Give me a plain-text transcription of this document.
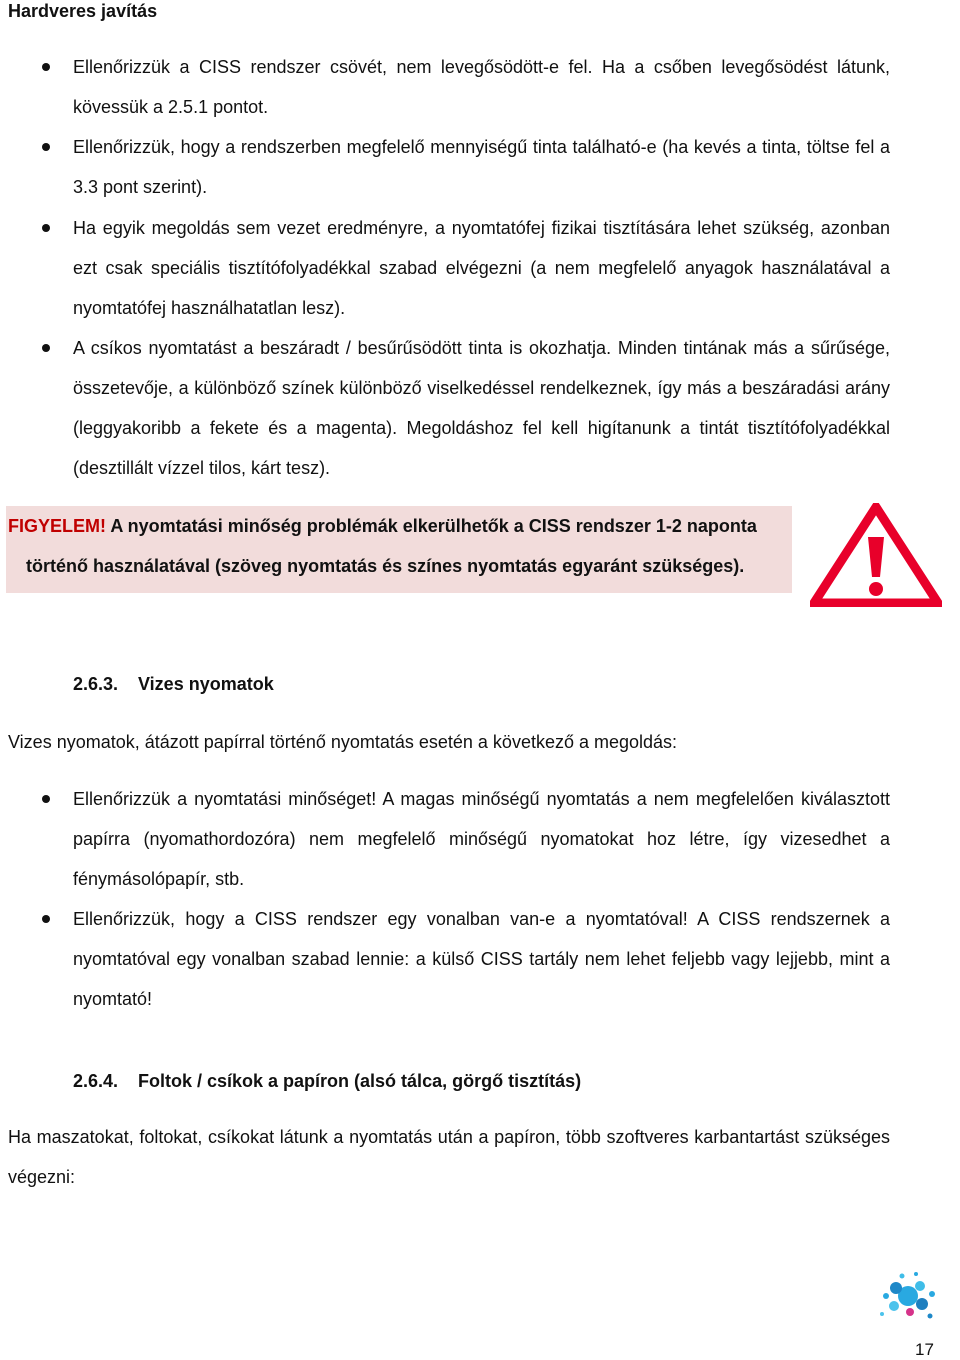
Hardveres javítás
Ellenőrizzük a CISS rendszer csövét, nem levegősödött-e fel. Ha a csőben levegősödést látunk, kövessük a 2.5.1 pontot.
Ellenőrizzük, hogy a rendszerben megfelelő mennyiségű tinta található-e (ha kevés a tinta, töltse fel a 3.3 pont szerint).
Ha egyik megoldás sem vezet eredményre, a nyomtatófej fizikai tisztítására lehet szükség, azonban ezt csak speciális tisztítófolyadékkal szabad elvégezni (a nem megfelelő anyagok használatával a nyomtatófej használhatatlan lesz).
A csíkos nyomtatást a beszáradt / besűrűsödött tinta is okozhatja. Minden tintának más a sűrűsége, összetevője, a különböző színek különböző viselkedéssel rendelkeznek, így más a beszáradási arány (leggyakoribb a fekete és a magenta). Megoldáshoz fel kell higítanunk a tintát tisztítófolyadékkal (desztillált vízzel tilos, kárt tesz).
FIGYELEM! A nyomtatási minőség problémák elkerülhetők a CISS rendszer 1-2 naponta
történő használatával (szöveg nyomtatás és színes nyomtatás egyaránt szükséges).
2.6.3. Vizes nyomatok

Vizes nyomatok, átázott papírral történő nyomtatás esetén a következő a megoldás:

Ellenőrizzük a nyomtatási minőséget! A magas minőségű nyomtatás a nem megfelelően kiválasztott papírra (nyomathordozóra) nem megfelelő minőségű nyomatokat hoz létre, így vizesedhet a fénymásolópapír, stb.
Ellenőrizzük, hogy a CISS rendszer egy vonalban van-e a nyomtatóval! A CISS rendszernek a nyomtatóval egy vonalban szabad lennie: a külső CISS tartály nem lehet feljebb vagy lejjebb, mint a nyomtató!
2.6.4. Foltok / csíkok a papíron (alsó tálca, görgő tisztítás)

Ha maszatokat, foltokat, csíkokat látunk a nyomtatás után a papíron, több szoftveres karbantartást szükséges végezni:

17
